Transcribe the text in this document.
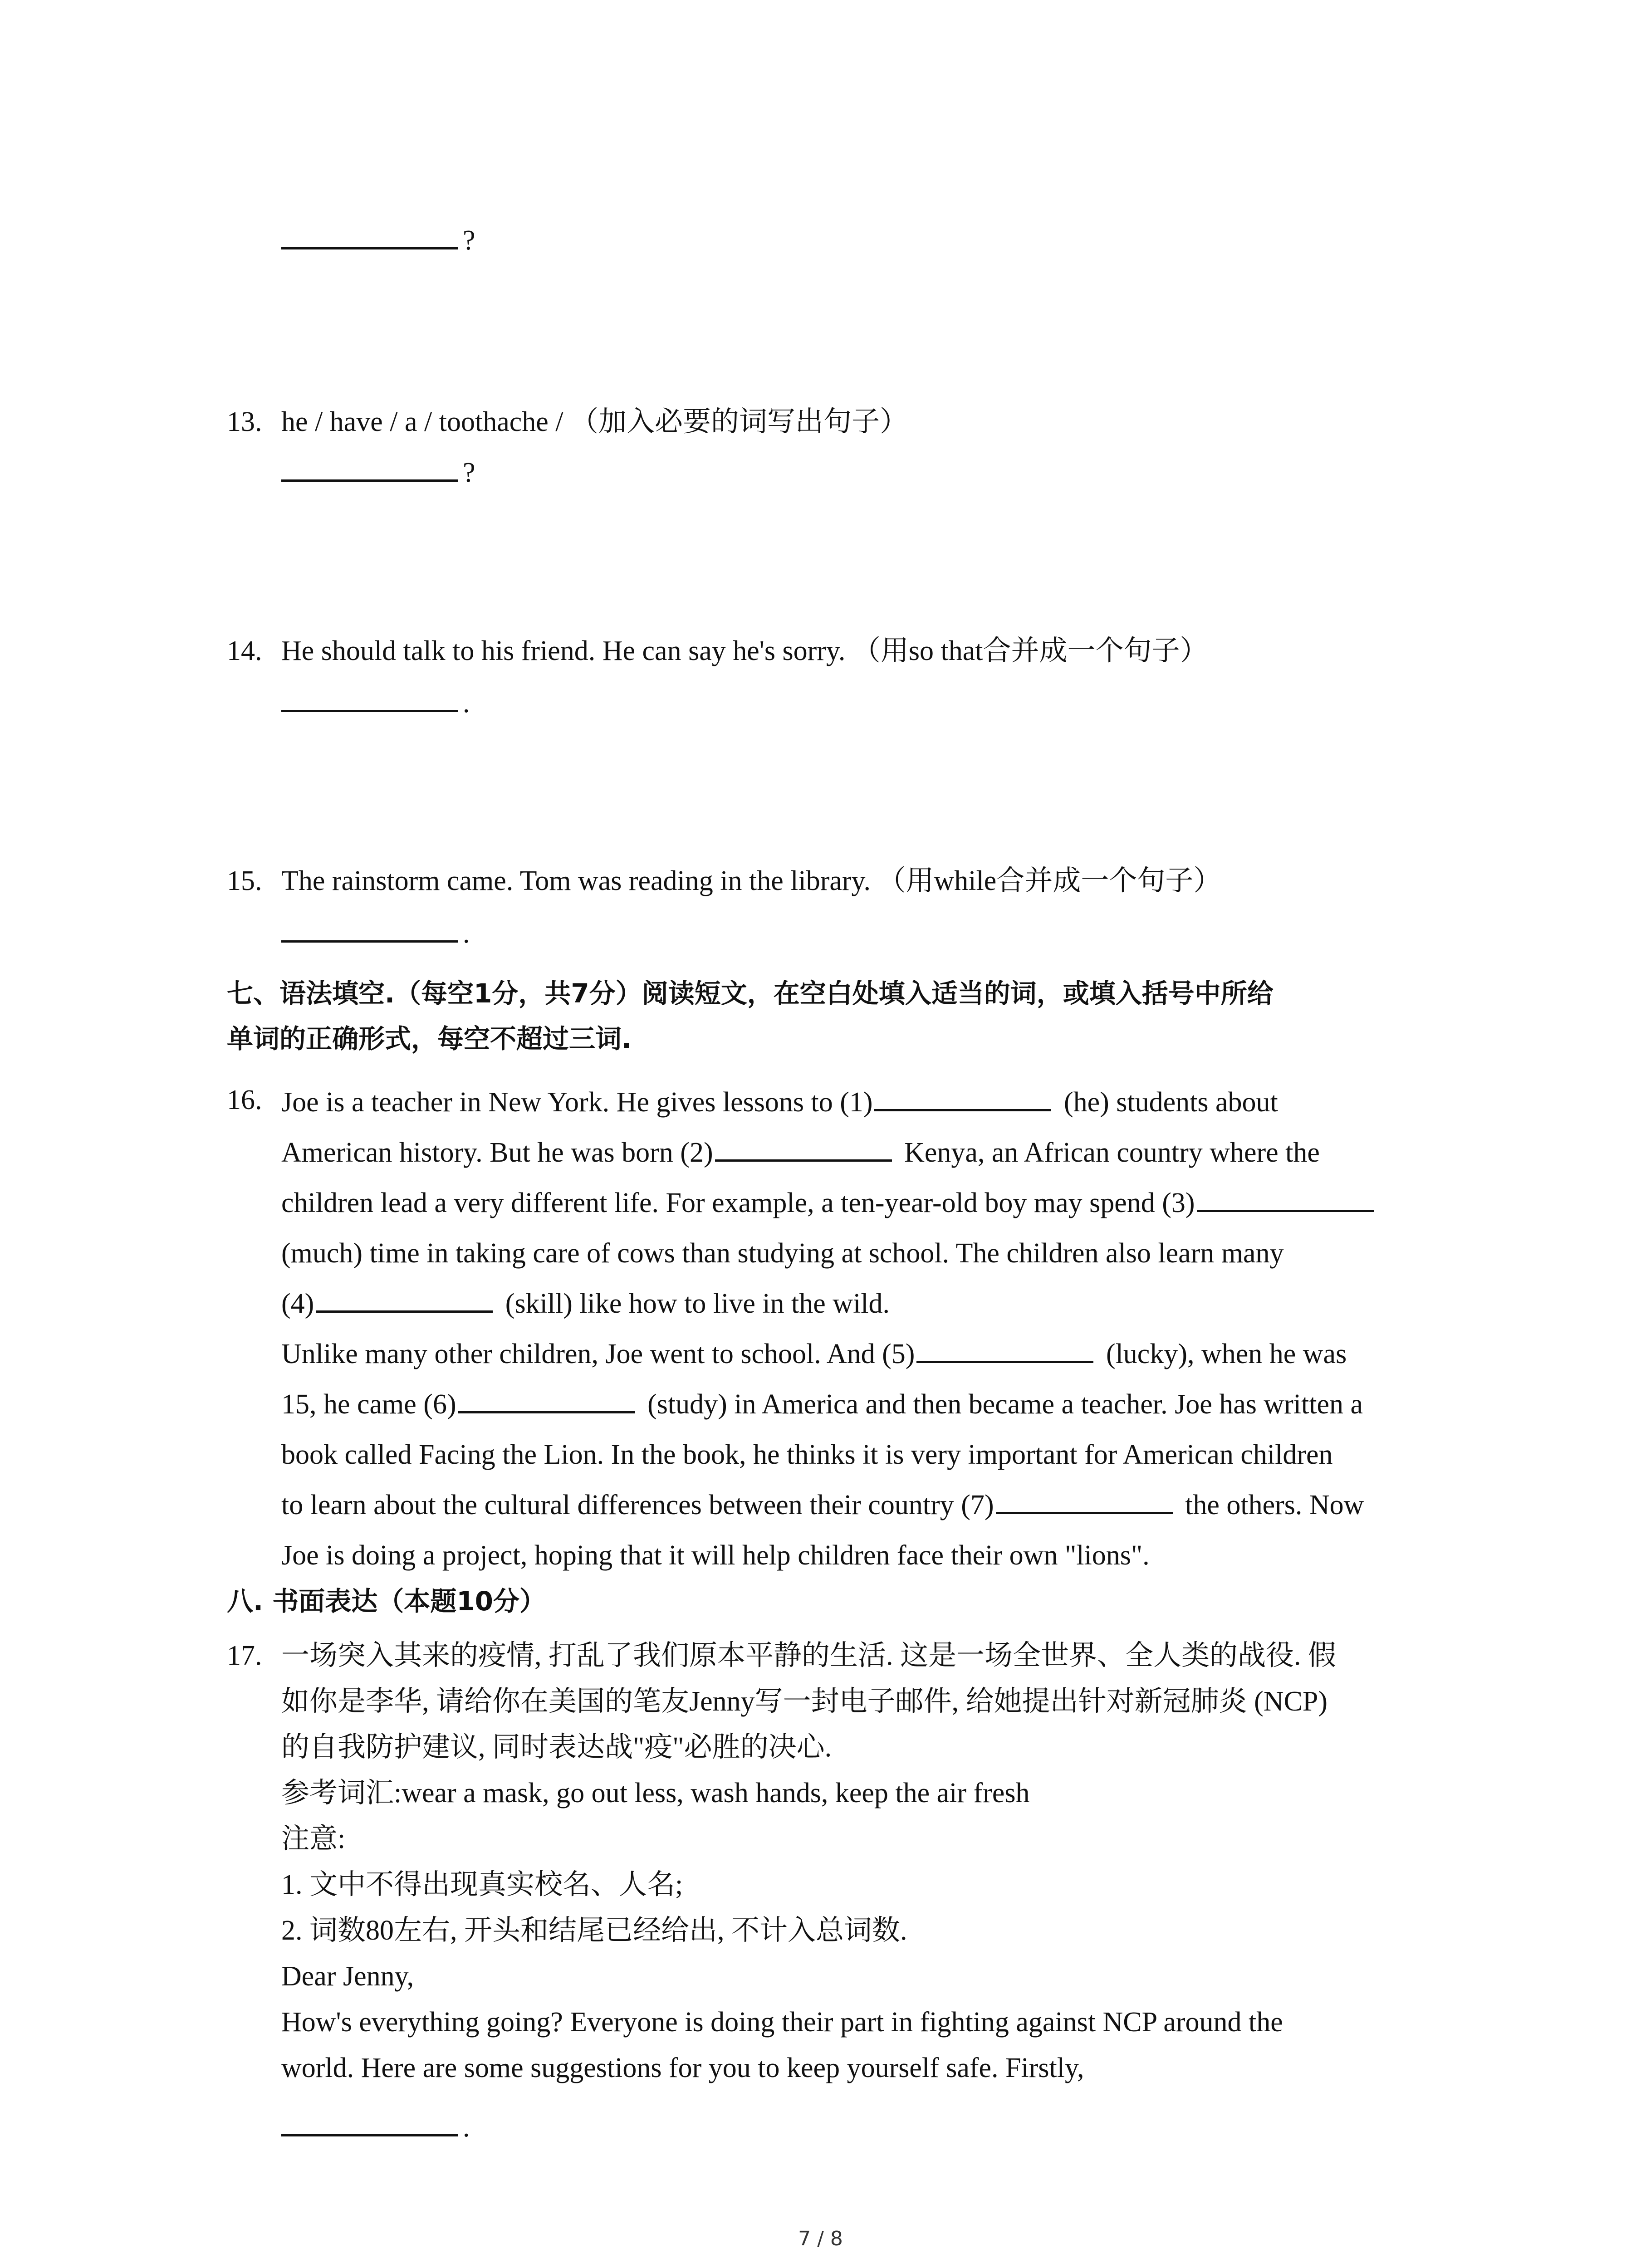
?
13. he / have / a / toothache / （加入必要的词写出句子）
?
14. He should talk to his friend. He can say he's sorry. （用so that合并成一个句子）
.
15. The rainstorm came. Tom was reading in the library. （用while合并成一个句子）
.
七、语法填空.（每空1分，共7分）阅读短文，在空白处填入适当的词，或填入括号中所给
单词的正确形式，每空不超过三词.
16. Joe is a teacher in New York. He gives lessons to (1)	(he) students about
American history. But he was born (2)	Kenya, an African country where the
children lead a very different life. For example, a ten-year-old boy may spend (3)
(much) time in taking care of cows than studying at school. The children also learn many
(4)	(skill) like how to live in the wild.
Unlike many other children, Joe went to school. And (5)	(lucky), when he was
15, he came (6)	(study) in America and then became a teacher. Joe has written a
book called Facing the Lion. In the book, he thinks it is very important for American children
to learn about the cultural differences between their country (7)	the others. Now
Joe is doing a project, hoping that it will help children face their own "lions".
八. 书面表达（本题10分）
17. 一场突入其来的疫情, 打乱了我们原本平静的生活. 这是一场全世界、全人类的战役. 假
如你是李华, 请给你在美国的笔友Jenny写一封电子邮件, 给她提出针对新冠肺炎 (NCP)
的自我防护建议, 同时表达战"疫"必胜的决心.
参考词汇:wear a mask, go out less, wash hands, keep the air fresh
注意:
1. 文中不得出现真实校名、人名;
2. 词数80左右, 开头和结尾已经给出, 不计入总词数.
Dear Jenny,
How's everything going? Everyone is doing their part in fighting against NCP around the
world. Here are some suggestions for you to keep yourself safe. Firstly,
.
7 / 8
